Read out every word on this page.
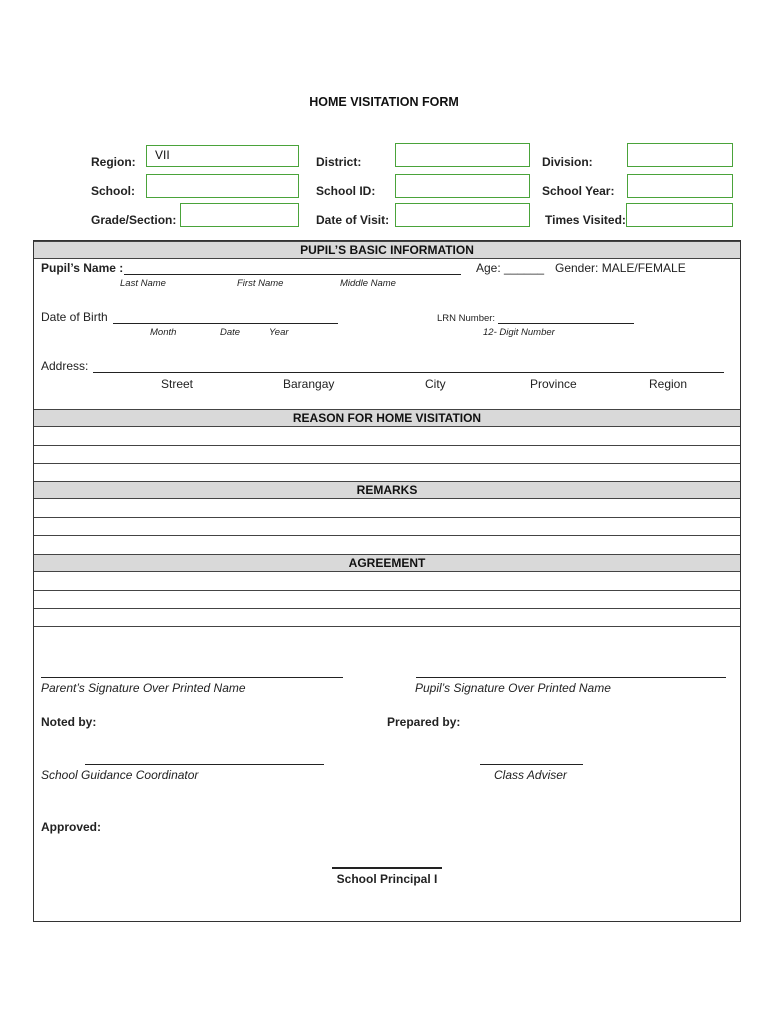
HOME VISITATION FORM
Region:	VII	District:	Division:
School:	School ID:	School Year:
Grade/Section:	Date of Visit:	Times Visited:
PUPIL’S BASIC INFORMATION
Pupil’s Name :	Age: ______ Gender: MALE/FEMALE
Last Name	First Name	Middle Name
Date of Birth
Month	Date	Year
LRN Number:
12- Digit Number
Address:
Street	Barangay	City	Province	Region
REASON FOR HOME VISITATION
REMARKS
AGREEMENT
Parent’s Signature Over Printed Name	Pupil’s Signature Over Printed Name
Noted by:	Prepared by:
School Guidance Coordinator	Class Adviser
Approved:
School Principal I
